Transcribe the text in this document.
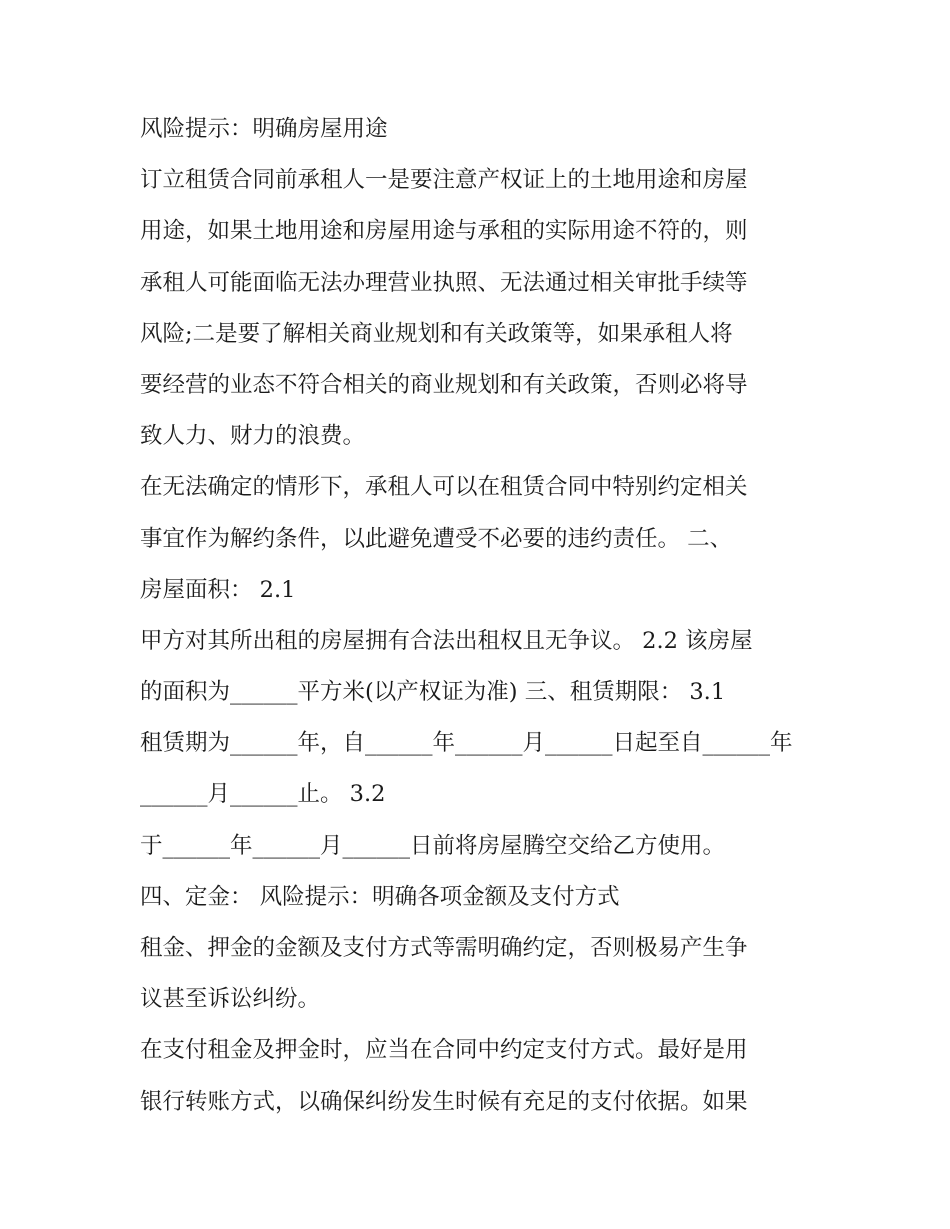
风险提示：明确房屋用途
订立租赁合同前承租人一是要注意产权证上的土地用途和房屋
用途，如果土地用途和房屋用途与承租的实际用途不符的，则
承租人可能面临无法办理营业执照、无法通过相关审批手续等
风险;二是要了解相关商业规划和有关政策等，如果承租人将
要经营的业态不符合相关的商业规划和有关政策，否则必将导
致人力、财力的浪费。
在无法确定的情形下，承租人可以在租赁合同中特别约定相关
事宜作为解约条件，以此避免遭受不必要的违约责任。 二、
房屋面积： 2.1
甲方对其所出租的房屋拥有合法出租权且无争议。 2.2 该房屋
的面积为______平方米(以产权证为准) 三、租赁期限： 3.1
租赁期为______年，自______年______月______日起至自______年
______月______止。 3.2
于______年______月______日前将房屋腾空交给乙方使用。
四、定金： 风险提示：明确各项金额及支付方式
租金、押金的金额及支付方式等需明确约定，否则极易产生争
议甚至诉讼纠纷。
在支付租金及押金时，应当在合同中约定支付方式。最好是用
银行转账方式，以确保纠纷发生时候有充足的支付依据。如果
